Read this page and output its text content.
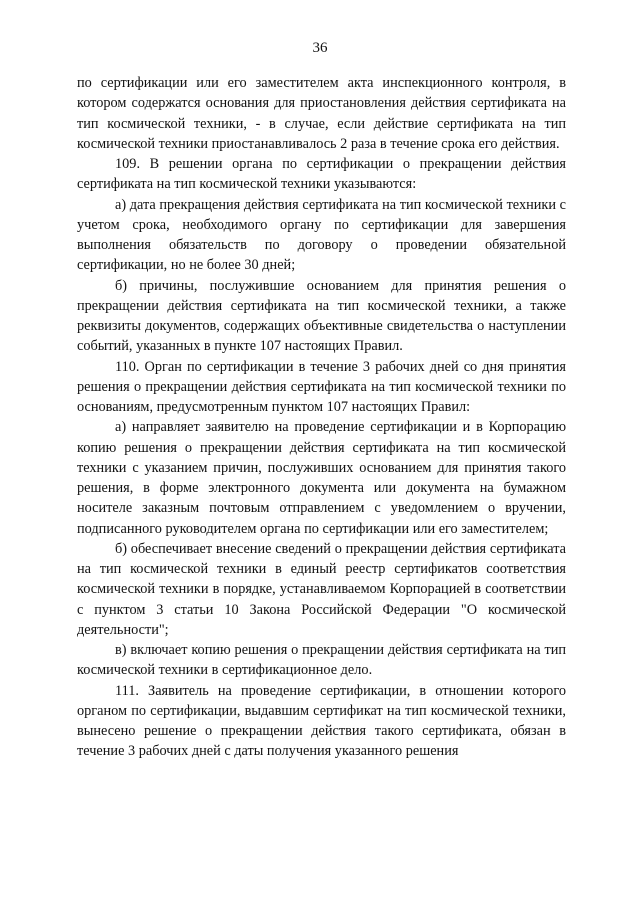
36

по сертификации или его заместителем акта инспекционного контроля, в котором содержатся основания для приостановления действия сертификата на тип космической техники, - в случае, если действие сертификата на тип космической техники приостанавливалось 2 раза в течение срока его действия.

109. В решении органа по сертификации о прекращении действия сертификата на тип космической техники указываются:

а) дата прекращения действия сертификата на тип космической техники с учетом срока, необходимого органу по сертификации для завершения выполнения обязательств по договору о проведении обязательной сертификации, но не более 30 дней;

б) причины, послужившие основанием для принятия решения о прекращении действия сертификата на тип космической техники, а также реквизиты документов, содержащих объективные свидетельства о наступлении событий, указанных в пункте 107 настоящих Правил.

110. Орган по сертификации в течение 3 рабочих дней со дня принятия решения о прекращении действия сертификата на тип космической техники по основаниям, предусмотренным пунктом 107 настоящих Правил:

а) направляет заявителю на проведение сертификации и в Корпорацию копию решения о прекращении действия сертификата на тип космической техники с указанием причин, послуживших основанием для принятия такого решения, в форме электронного документа или документа на бумажном носителе заказным почтовым отправлением с уведомлением о вручении, подписанного руководителем органа по сертификации или его заместителем;

б) обеспечивает внесение сведений о прекращении действия сертификата на тип космической техники в единый реестр сертификатов соответствия космической техники в порядке, устанавливаемом Корпорацией в соответствии с пунктом 3 статьи 10 Закона Российской Федерации "О космической деятельности";

в) включает копию решения о прекращении действия сертификата на тип космической техники в сертификационное дело.

111. Заявитель на проведение сертификации, в отношении которого органом по сертификации, выдавшим сертификат на тип космической техники, вынесено решение о прекращении действия такого сертификата, обязан в течение 3 рабочих дней с даты получения указанного решения
